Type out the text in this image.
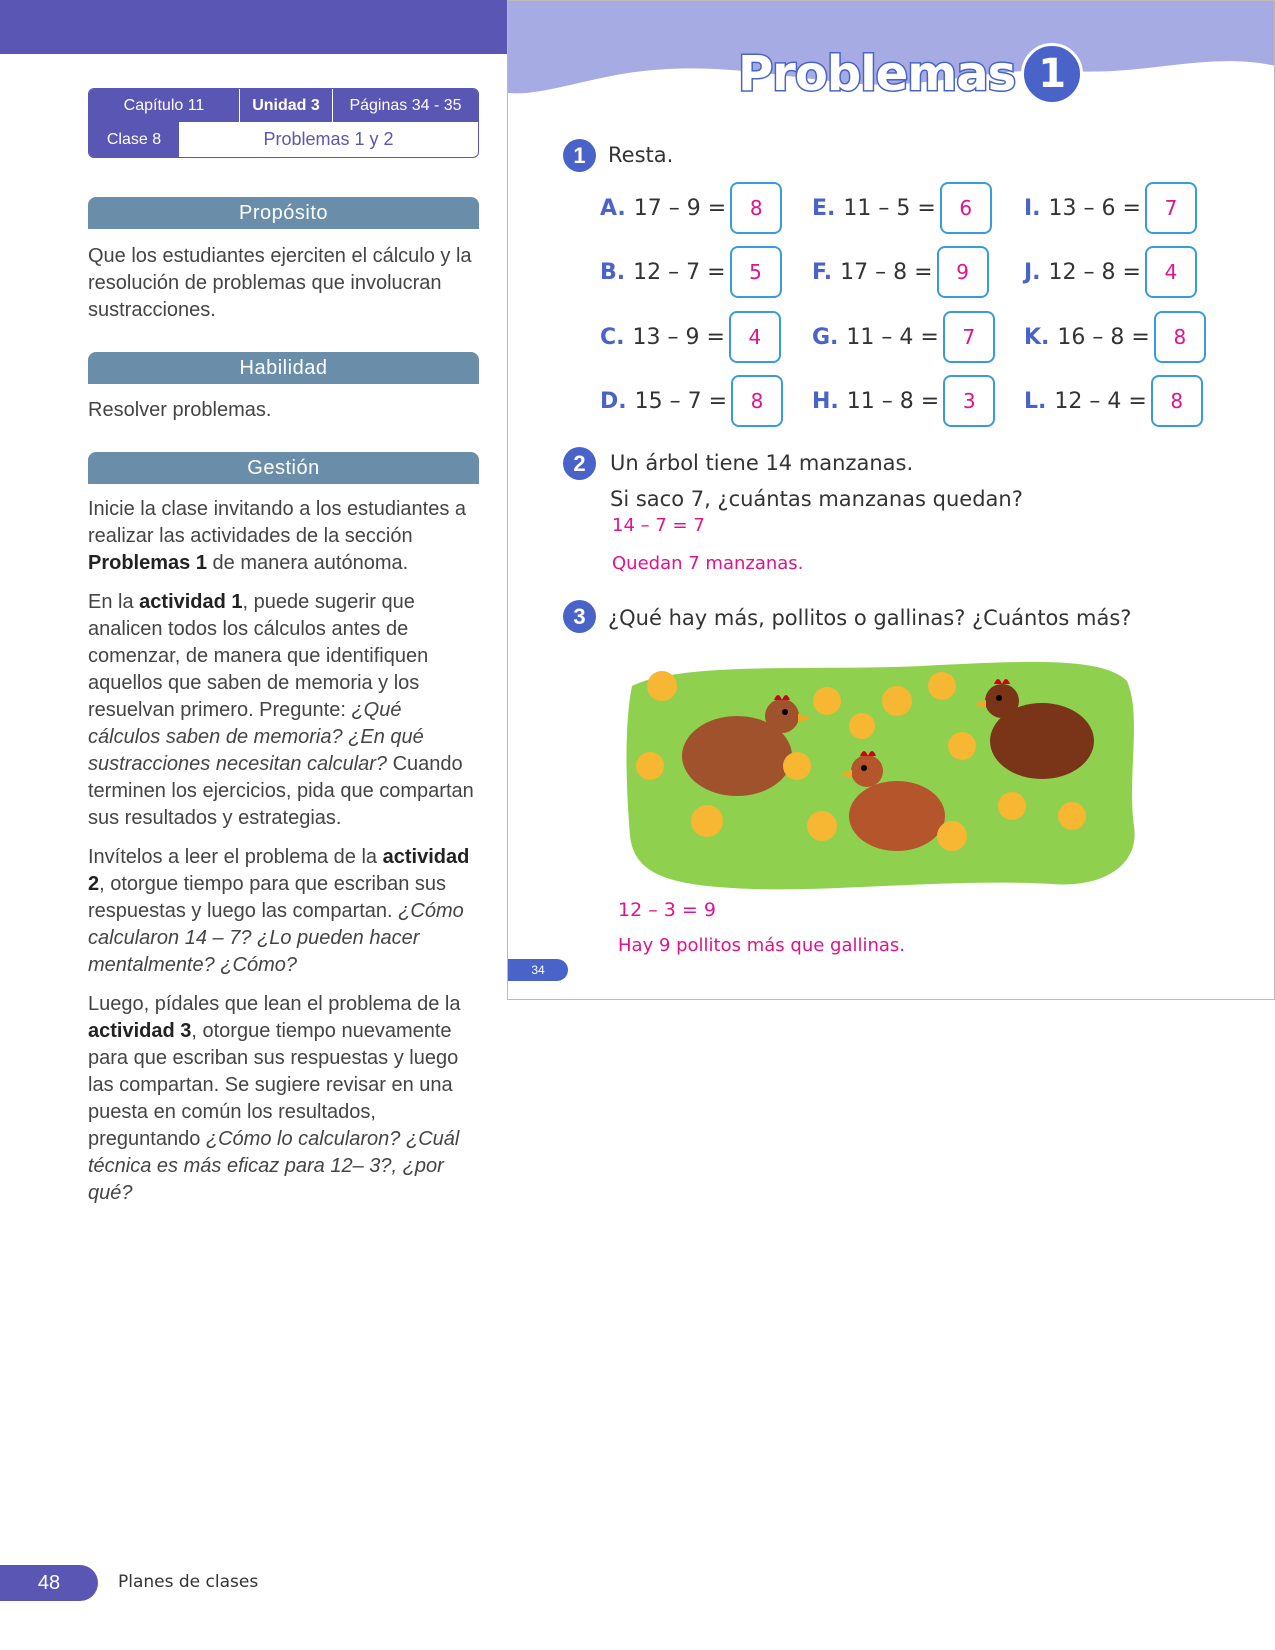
Capítulo 11	Unidad 3	Páginas 34 - 35
Clase 8	Problemas 1 y 2
Propósito

Que los estudiantes ejerciten el cálculo y la resolución de problemas que involucran sustracciones.

Habilidad

Resolver problemas.

Gestión

Inicie la clase invitando a los estudiantes a realizar las actividades de la sección Problemas 1 de manera autónoma.

En la actividad 1, puede sugerir que analicen todos los cálculos antes de comenzar, de manera que identifiquen aquellos que saben de memoria y los resuelvan primero. Pregunte: ¿Qué cálculos saben de memoria? ¿En qué sustracciones necesitan calcular? Cuando terminen los ejercicios, pida que compartan sus resultados y estrategias.

Invítelos a leer el problema de la actividad 2, otorgue tiempo para que escriban sus respuestas y luego las compartan. ¿Cómo calcularon 14 – 7? ¿Lo pueden hacer mentalmente? ¿Cómo?

Luego, pídales que lean el problema de la actividad 3, otorgue tiempo nuevamente para que escriban sus respuestas y luego las compartan. Se sugiere revisar en una puesta en común los resultados, preguntando ¿Cómo lo calcularon? ¿Cuál técnica es más eficaz para 12– 3?, ¿por qué?

Problemas 1
1	Resta.
A. 17 – 9 =	8
B. 12 – 7 =	5
C. 13 – 9 =	4
D. 15 – 7 =	8
E. 11 – 5 =	6
F. 17 – 8 =	9
G. 11 – 4 =	7
H. 11 – 8 =	3
I. 13 – 6 =	7
J. 12 – 8 =	4
K. 16 – 8 =	8
L. 12 – 4 =	8
2	Un árbol tiene 14 manzanas.
Si saco 7, ¿cuántas manzanas quedan?
14 – 7 = 7
Quedan 7 manzanas.
3	¿Qué hay más, pollitos o gallinas? ¿Cuántos más?
12 – 3 = 9
Hay 9 pollitos más que gallinas.
34
48	Planes de clases
